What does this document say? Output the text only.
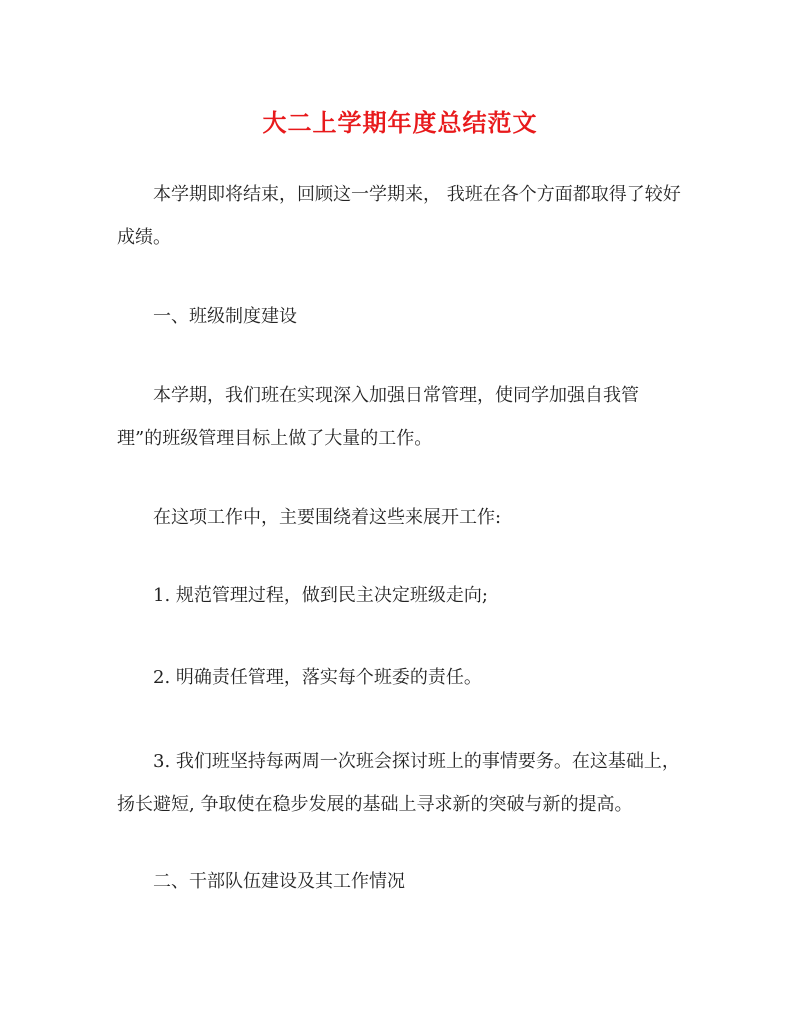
大二上学期年度总结范文

本学期即将结束，回顾这一学期来， 我班在各个方面都取得了较好成绩。

一、班级制度建设

本学期，我们班在实现深入加强日常管理，使同学加强自我管理”的班级管理目标上做了大量的工作。

在这项工作中，主要围绕着这些来展开工作:

1. 规范管理过程，做到民主决定班级走向;

2. 明确责任管理，落实每个班委的责任。

3. 我们班坚持每两周一次班会探讨班上的事情要务。在这基础上，扬长避短, 争取使在稳步发展的基础上寻求新的突破与新的提高。

二、干部队伍建设及其工作情况
